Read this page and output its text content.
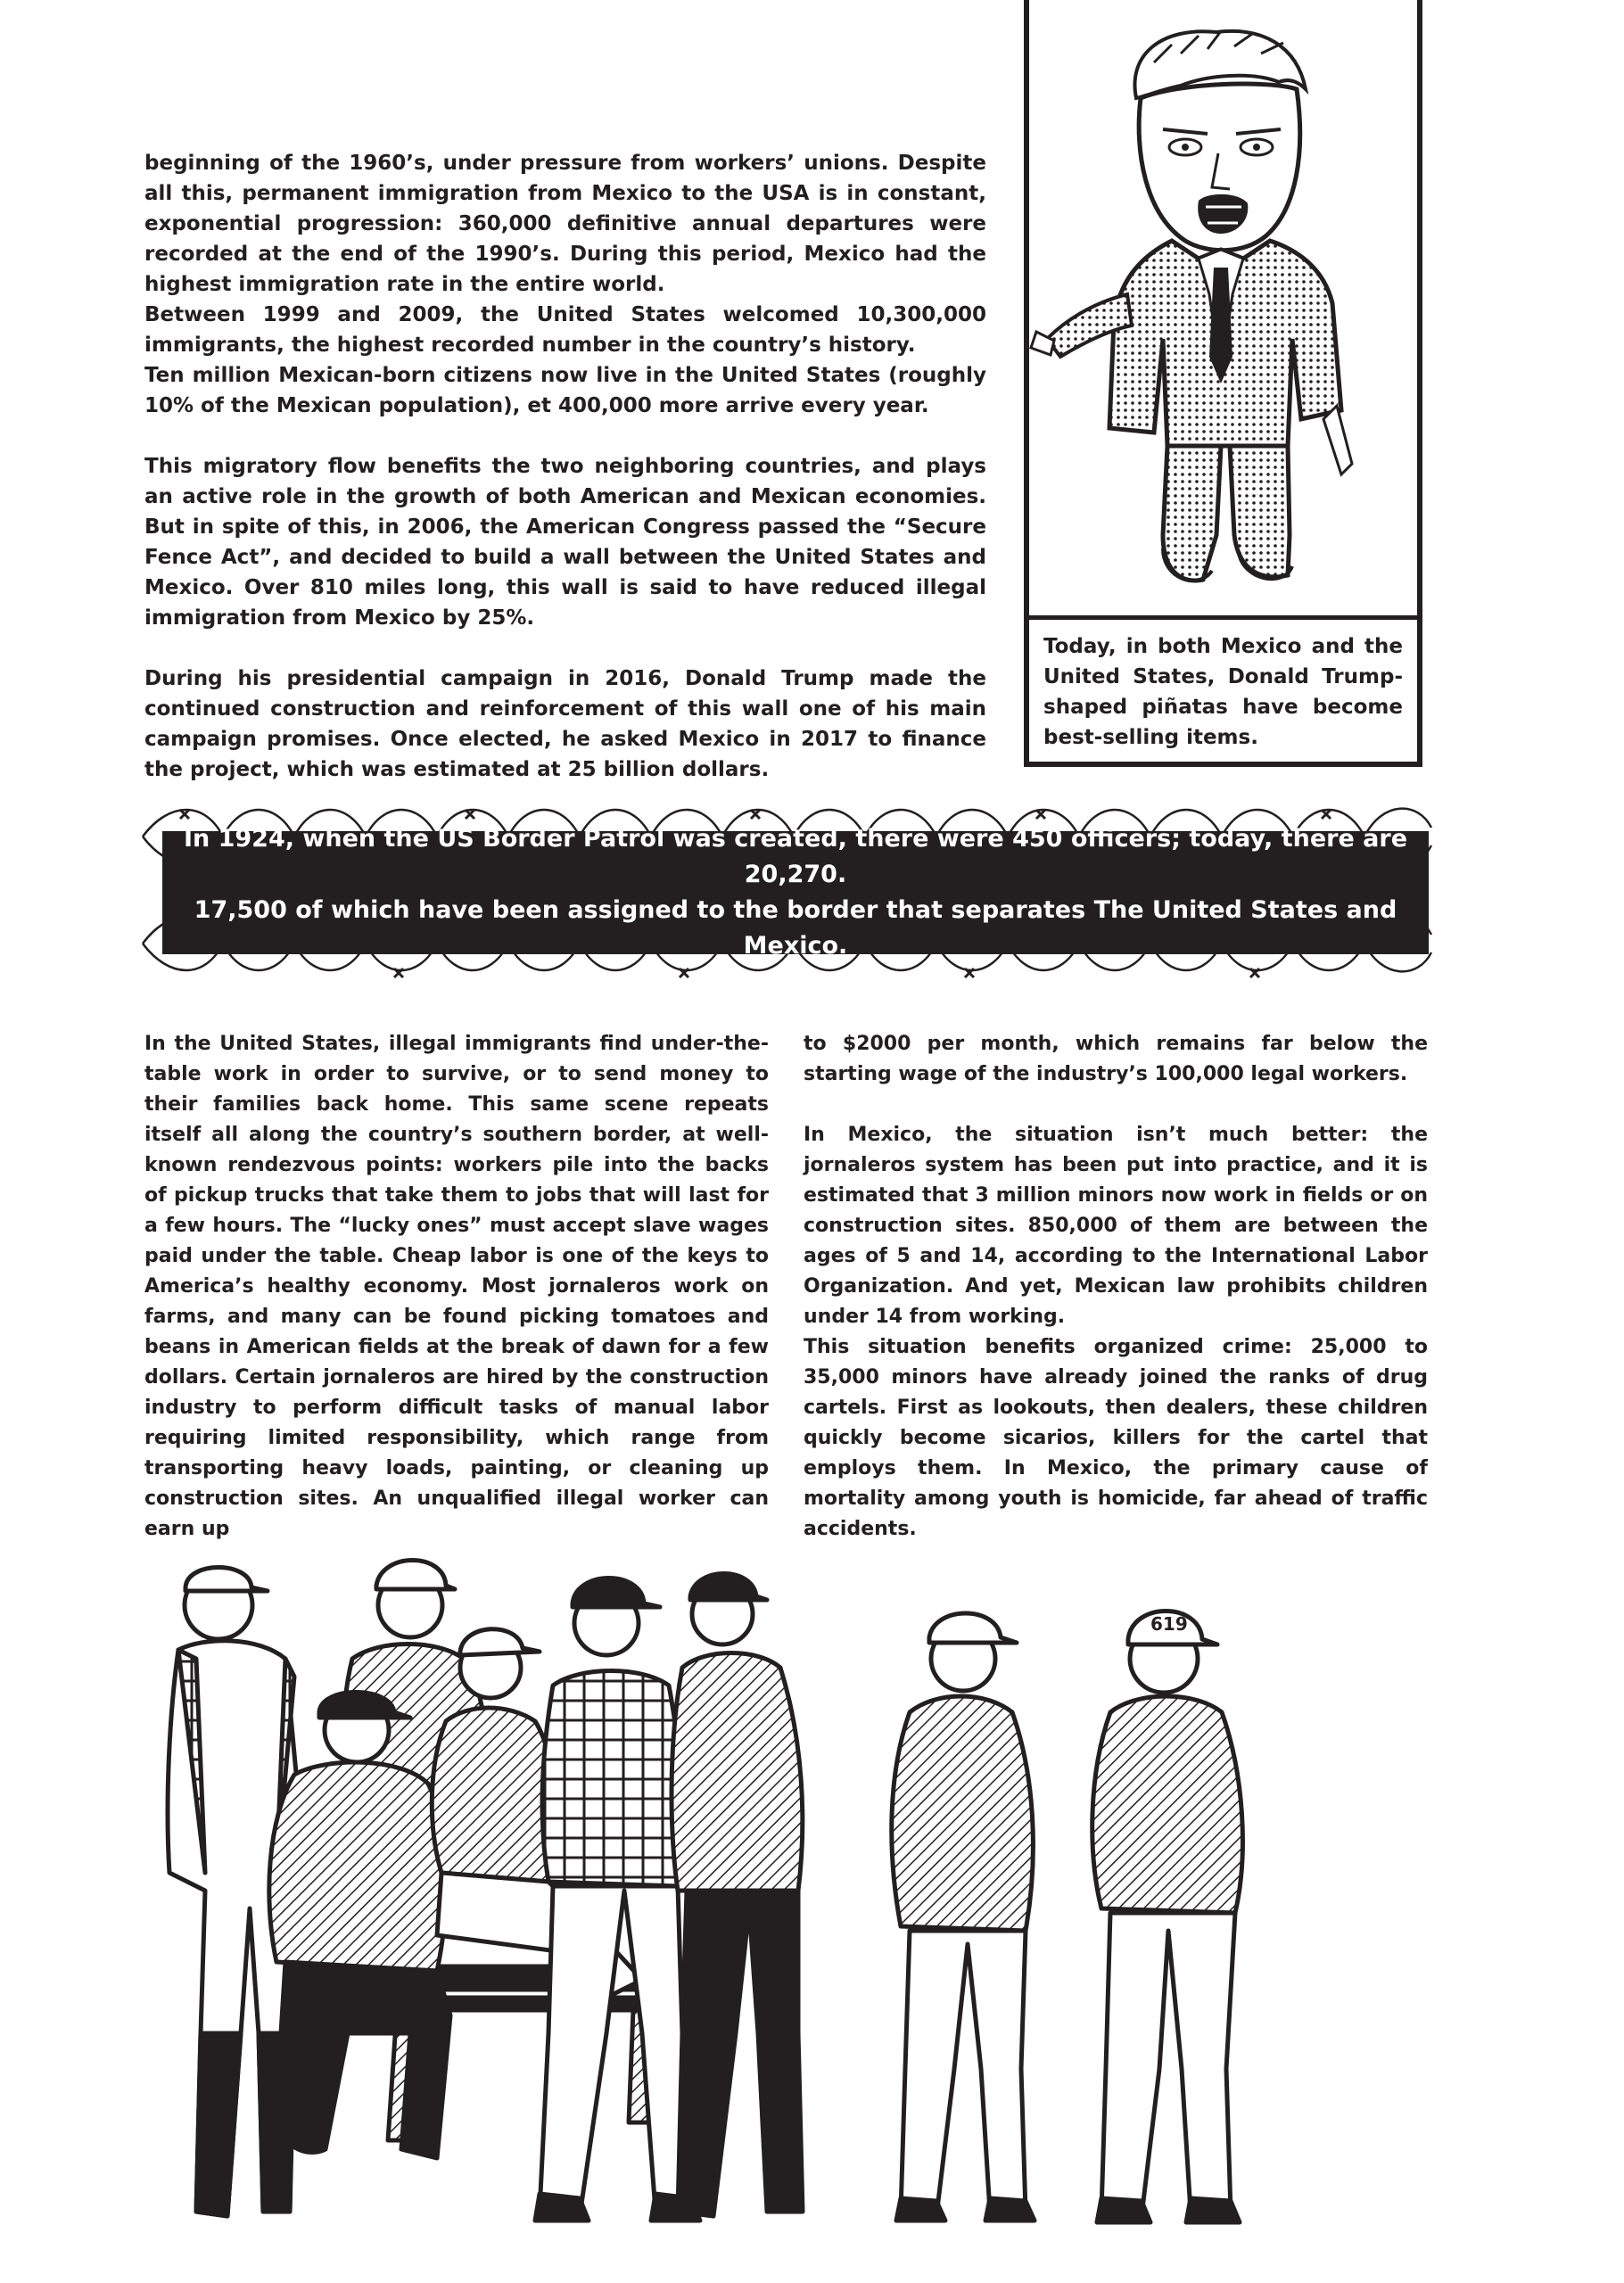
beginning of the 1960’s, under pressure from workers’ unions. Despite all this, permanent immigration from Mexico to the USA is in constant, exponential progression: 360,000 definitive annual departures were recorded at the end of the 1990’s. During this period, Mexico had the highest immigration rate in the entire world.

Between 1999 and 2009, the United States welcomed 10,300,000 immigrants, the highest recorded number in the country’s history.

Ten million Mexican-born citizens now live in the United States (roughly 10% of the Mexican population), et 400,000 more arrive every year.

This migratory flow benefits the two neighboring countries, and plays an active role in the growth of both American and Mexican economies. But in spite of this, in 2006, the American Congress passed the “Secure Fence Act”, and decided to build a wall between the United States and Mexico. Over 810 miles long, this wall is said to have reduced illegal immigration from Mexico by 25%.

During his presidential campaign in 2016, Donald Trump made the continued construction and reinforcement of this wall one of his main campaign promises. Once elected, he asked Mexico in 2017 to finance the project, which was estimated at 25 billion dollars.

Today, in both Mexico and the United States, Donald Trump-shaped piñatas have become best-selling items.
In 1924, when the US Border Patrol was created, there were 450 officers; today, there are 20,270.
17,500 of which have been assigned to the border that separates The United States and Mexico.

In the United States, illegal immigrants find under-the-table work in order to survive, or to send money to their families back home. This same scene repeats itself all along the country’s southern border, at well-known rendezvous points: workers pile into the backs of pickup trucks that take them to jobs that will last for a few hours. The “lucky ones” must accept slave wages paid under the table. Cheap labor is one of the keys to America’s healthy economy. Most jornaleros work on farms, and many can be found picking tomatoes and beans in American fields at the break of dawn for a few dollars. Certain jornaleros are hired by the construction industry to perform difficult tasks of manual labor requiring limited responsibility, which range from transporting heavy loads, painting, or cleaning up construction sites. An unqualified illegal worker can earn up

to $2000 per month, which remains far below the starting wage of the industry’s 100,000 legal workers.

In Mexico, the situation isn’t much better: the jornaleros system has been put into practice, and it is estimated that 3 million minors now work in fields or on construction sites. 850,000 of them are between the ages of 5 and 14, according to the International Labor Organization. And yet, Mexican law prohibits children under 14 from working.

This situation benefits organized crime: 25,000 to 35,000 minors have already joined the ranks of drug cartels. First as lookouts, then dealers, these children quickly become sicarios, killers for the cartel that employs them. In Mexico, the primary cause of mortality among youth is homicide, far ahead of traffic accidents.

619
